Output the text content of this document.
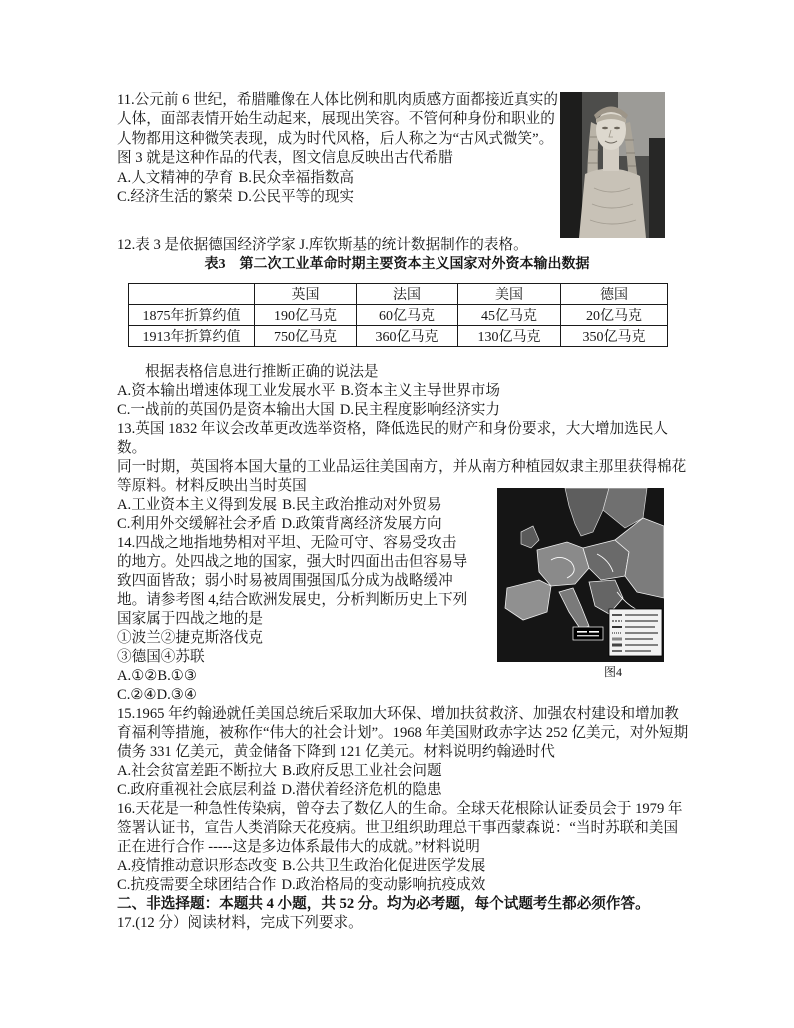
11.公元前 6 世纪，希腊雕像在人体比例和肌肉质感方面都接近真实的
人体，面部表情开始生动起来，展现出笑容。不管何种身份和职业的
人物都用这种微笑表现，成为时代风格，后人称之为“古风式微笑”。
图 3 就是这种作品的代表，图文信息反映出古代希腊
A.人文精神的孕育 B.民众幸福指数高
C.经济生活的繁荣 D.公民平等的现实
12.表 3 是依据德国经济学家 J.库钦斯基的统计数据制作的表格。
表3　第二次工业革命时期主要资本主义国家对外资本输出数据
	英国	法国	美国	德国
1875年折算约值	190亿马克	60亿马克	45亿马克	20亿马克
1913年折算约值	750亿马克	360亿马克	130亿马克	350亿马克
根据表格信息进行推断正确的说法是
A.资本输出增速体现工业发展水平 B.资本主义主导世界市场
C.一战前的英国仍是资本输出大国 D.民主程度影响经济实力
13.英国 1832 年议会改革更改选举资格，降低选民的财产和身份要求，大大增加选民人
数。
同一时期，英国将本国大量的工业品运往美国南方，并从南方种植园奴隶主那里获得棉花
等原料。材料反映出当时英国
A.工业资本主义得到发展 B.民主政治推动对外贸易
C.利用外交缓解社会矛盾 D.政策背离经济发展方向
14.四战之地指地势相对平坦、无险可守、容易受攻击
的地方。处四战之地的国家，强大时四面出击但容易导
致四面皆敌；弱小时易被周围强国瓜分成为战略缓冲
地。请参考图 4,结合欧洲发展史，分析判断历史上下列
国家属于四战之地的是
①波兰②捷克斯洛伐克
③德国④苏联
A.①②B.①③
C.②④D.③④
15.1965 年约翰逊就任美国总统后采取加大环保、增加扶贫救济、加强农村建设和增加教
育福利等措施，被称作“伟大的社会计划”。1968 年美国财政赤字达 252 亿美元，对外短期
债务 331 亿美元，黄金储备下降到 121 亿美元。材料说明约翰逊时代
A.社会贫富差距不断拉大 B.政府反思工业社会问题
C.政府重视社会底层利益 D.潜伏着经济危机的隐患
16.天花是一种急性传染病，曾夺去了数亿人的生命。全球天花根除认证委员会于 1979 年
签署认证书，宣告人类消除天花疫病。世卫组织助理总干事西蒙森说：“当时苏联和美国
正在进行合作 -----这是多边体系最伟大的成就。”材料说明
A.疫情推动意识形态改变 B.公共卫生政治化促进医学发展
C.抗疫需要全球团结合作 D.政治格局的变动影响抗疫成效
二、非选择题：本题共 4 小题，共 52 分。均为必考题，每个试题考生都必须作答。
17.(12 分）阅读材料，完成下列要求。
图4
